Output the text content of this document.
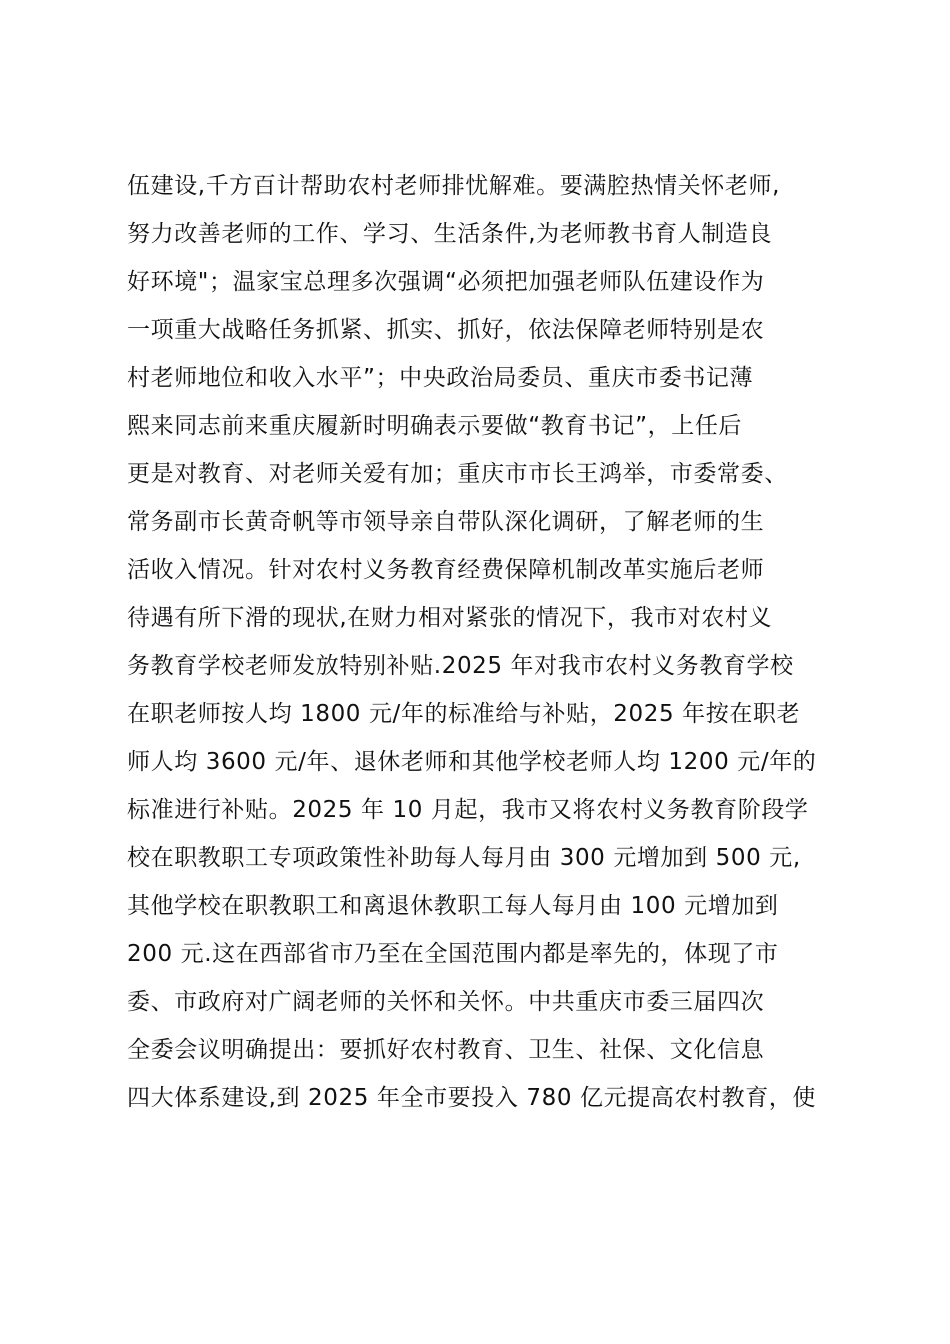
伍建设,千方百计帮助农村老师排忧解难。要满腔热情关怀老师,
努力改善老师的工作、学习、生活条件,为老师教书育人制造良
好环境"；温家宝总理多次强调“必须把加强老师队伍建设作为
一项重大战略任务抓紧、抓实、抓好，依法保障老师特别是农
村老师地位和收入水平”；中央政治局委员、重庆市委书记薄
熙来同志前来重庆履新时明确表示要做“教育书记”，上任后
更是对教育、对老师关爱有加；重庆市市长王鸿举，市委常委、
常务副市长黄奇帆等市领导亲自带队深化调研，了解老师的生
活收入情况。针对农村义务教育经费保障机制改革实施后老师
待遇有所下滑的现状,在财力相对紧张的情况下，我市对农村义
务教育学校老师发放特别补贴.2025 年对我市农村义务教育学校
在职老师按人均 1800 元/年的标准给与补贴，2025 年按在职老
师人均 3600 元/年、退休老师和其他学校老师人均 1200 元/年的
标准进行补贴。2025 年 10 月起，我市又将农村义务教育阶段学
校在职教职工专项政策性补助每人每月由 300 元增加到 500 元,
其他学校在职教职工和离退休教职工每人每月由 100 元增加到
200 元.这在西部省市乃至在全国范围内都是率先的，体现了市
委、市政府对广阔老师的关怀和关怀。中共重庆市委三届四次
全委会议明确提出：要抓好农村教育、卫生、社保、文化信息
四大体系建设,到 2025 年全市要投入 780 亿元提高农村教育，使
